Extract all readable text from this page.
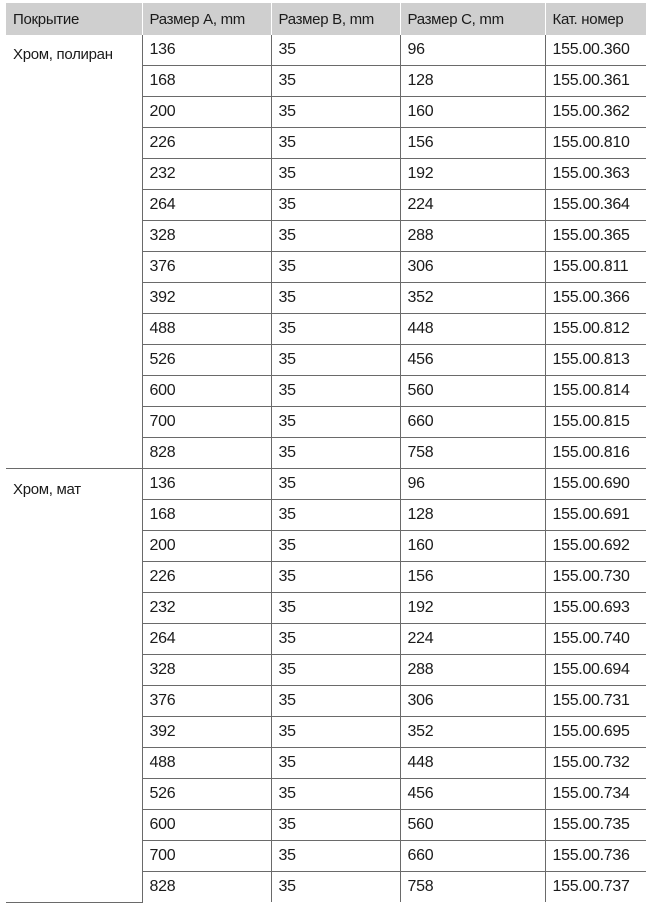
Покрытие	Размер A, mm	Размер B, mm	Размер C, mm	Кат. номер
Хром, полиран	136	35	96	155.00.360
	168	35	128	155.00.361
	200	35	160	155.00.362
	226	35	156	155.00.810
	232	35	192	155.00.363
	264	35	224	155.00.364
	328	35	288	155.00.365
	376	35	306	155.00.811
	392	35	352	155.00.366
	488	35	448	155.00.812
	526	35	456	155.00.813
	600	35	560	155.00.814
	700	35	660	155.00.815
	828	35	758	155.00.816
Хром, мат	136	35	96	155.00.690
	168	35	128	155.00.691
	200	35	160	155.00.692
	226	35	156	155.00.730
	232	35	192	155.00.693
	264	35	224	155.00.740
	328	35	288	155.00.694
	376	35	306	155.00.731
	392	35	352	155.00.695
	488	35	448	155.00.732
	526	35	456	155.00.734
	600	35	560	155.00.735
	700	35	660	155.00.736
	828	35	758	155.00.737
